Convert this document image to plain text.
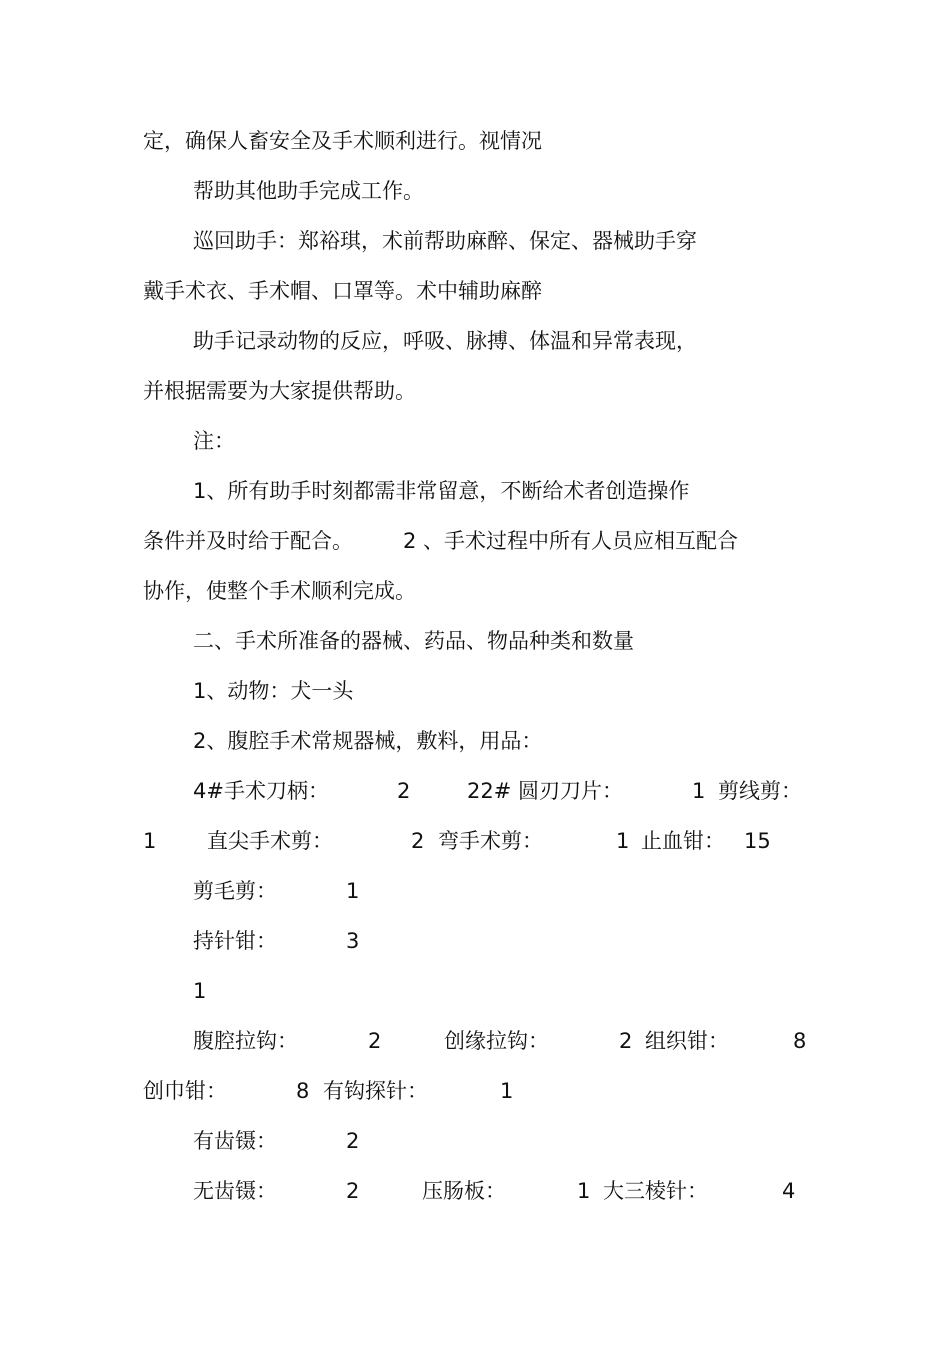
定，确保人畜安全及手术顺利进行。视情况

帮助其他助手完成工作。

巡回助手：郑裕琪，术前帮助麻醉、保定、器械助手穿

戴手术衣、手术帽、口罩等。术中辅助麻醉

助手记录动物的反应，呼吸、脉搏、体温和异常表现，

并根据需要为大家提供帮助。

注：

1、所有助手时刻都需非常留意，不断给术者创造操作

条件并及时给于配合。 2 、手术过程中所有人员应相互配合

协作，使整个手术顺利完成。

二、手术所准备的器械、药品、物品种类和数量

1、动物：犬一头

2、腹腔手术常规器械，敷料，用品：

4#手术刀柄：	2	22# 圆刃刀片：	1 剪线剪：
1 直尖手术剪：	2 弯手术剪：	1 止血钳： 15
剪毛剪：	1
持针钳：	3
1
腹腔拉钩：	2	创缘拉钩：	2 组织钳：	8
创巾钳：	8 有钩探针：	1
有齿镊：	2
无齿镊：	2	压肠板：	1 大三棱针：	4
